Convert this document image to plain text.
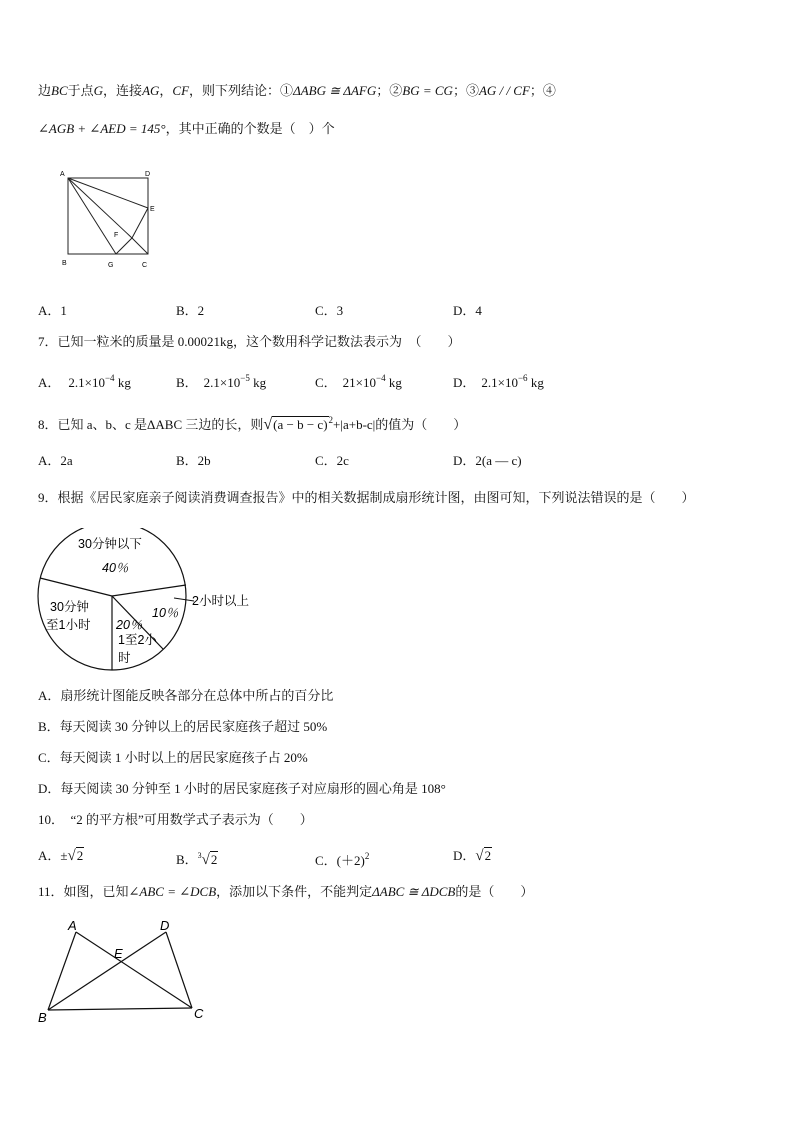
边BC于点G，连接AG，CF，则下列结论：①ΔABG ≅ ΔAFG；②BG = CG；③AG / / CF；④
∠AGB + ∠AED = 145°，其中正确的个数是（　）个
A	D
E
F
B	G	C
A．1	B．2	C．3	D．4
7．已知一粒米的质量是 0.00021kg，这个数用科学记数法表示为　（　　）
A． $2.1\times 10^{-4}$ kg	B． $2.1\times 10^{-5}$ kg	C． $21\times 10^{-4}$ kg	D． $2.1\times 10^{-6}$ kg
8．已知 a、b、c 是ΔABC 三边的长，则$√(a - b - c)^2+|a+b-c|$的值为（　　）
A．2a	B．2b	C．2c	D．2(a — c)
9．根据《居民家庭亲子阅读消费调查报告》中的相关数据制成扇形统计图，由图可知，下列说法错误的是（　　）
30分钟以下
40％
30分钟
至1小时 20％
1至2小
时
10％
2小时以上
A．扇形统计图能反映各部分在总体中所占的百分比
B．每天阅读 30 分钟以上的居民家庭孩子超过 50%
C．每天阅读 1 小时以上的居民家庭孩子占 20%
D．每天阅读 30 分钟至 1 小时的居民家庭孩子对应扇形的圆心角是 108°
10．　“2 的平方根”可用数学式子表示为（　　）
A．±√2	B．$^3$√2	C．$(+2)^2$	D．√2
11．如图，已知∠ABC = ∠DCB，添加以下条件，不能判定ΔABC ≅ ΔDCB的是（　　）
A	D
E
B	C
